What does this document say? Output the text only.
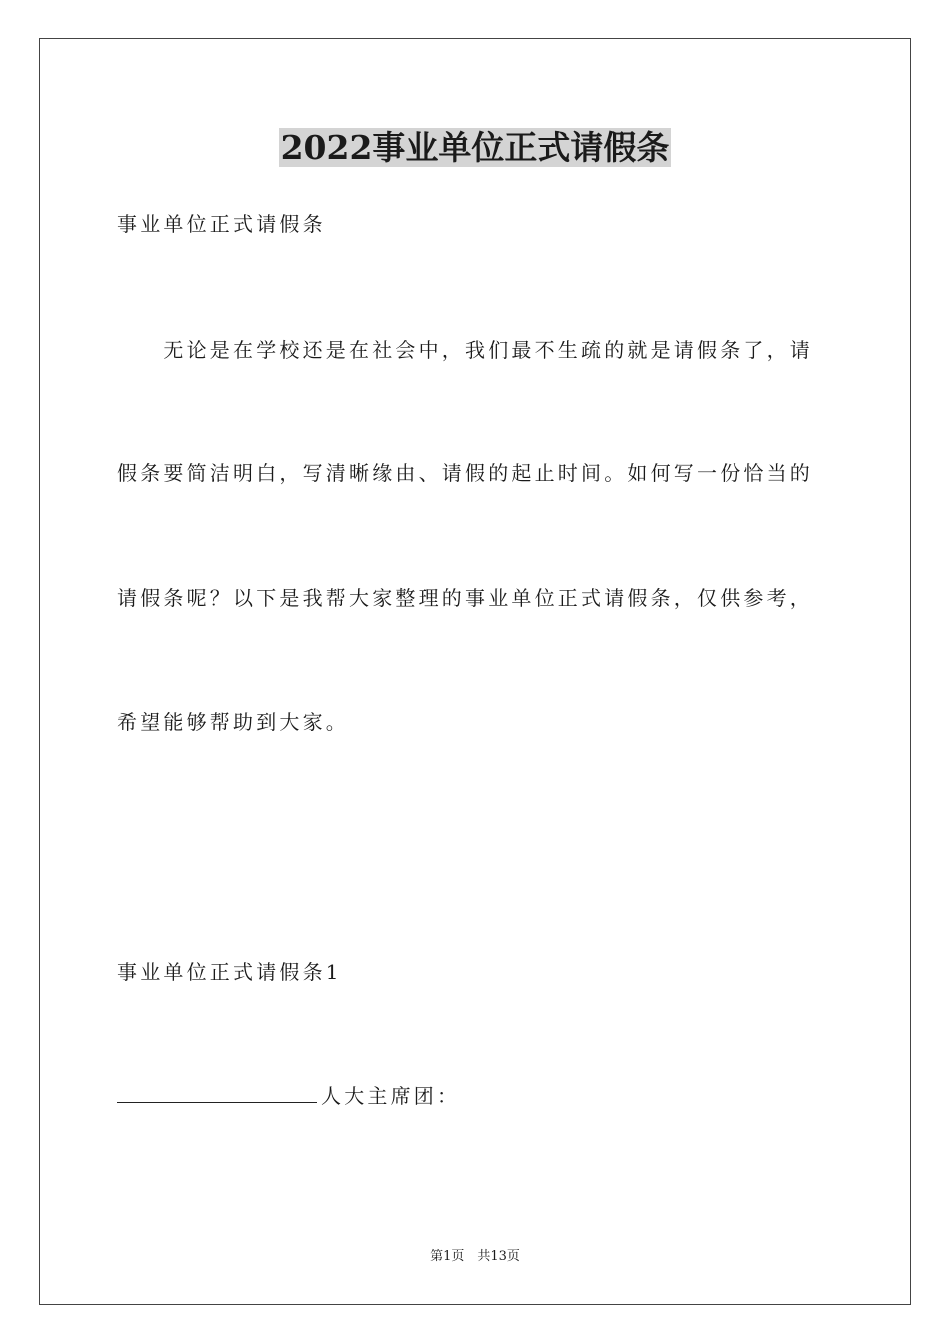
2022事业单位正式请假条
事业单位正式请假条
　　无论是在学校还是在社会中，我们最不生疏的就是请假条了，请
假条要简洁明白，写清晰缘由、请假的起止时间。如何写一份恰当的
请假条呢？以下是我帮大家整理的事业单位正式请假条，仅供参考，
希望能够帮助到大家。
事业单位正式请假条1
人大主席团：
第1页　共13页
